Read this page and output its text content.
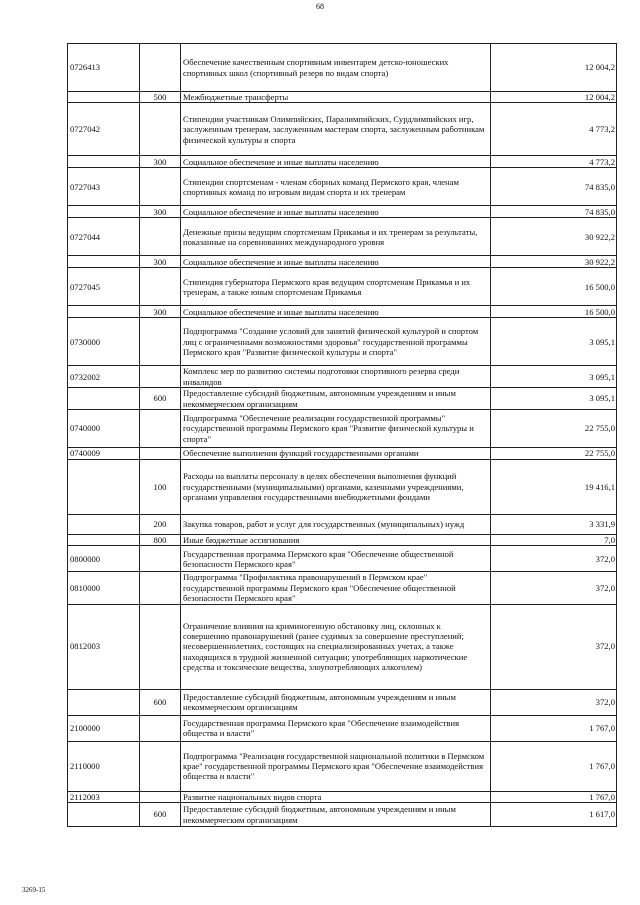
68
0726413		Обеспечение качественным спортивным инвентарем детско-юношеских спортивных школ (спортивный резерв по видам спорта)	12 004,2
	500	Межбюджетные трансферты	12 004,2
0727042		Стипендии участникам Олимпийских, Паралимпийских, Сурдлимпийских игр, заслуженным тренерам, заслуженным мастерам спорта, заслуженным работникам физической культуры и спорта	4 773,2
	300	Социальное обеспечение и иные выплаты населению	4 773,2
0727043		Стипендии спортсменам - членам сборных команд Пермского края, членам спортивных команд по игровым видам спорта и их тренерам	74 835,0
	300	Социальное обеспечение и иные выплаты населению	74 835,0
0727044		Денежные призы ведущим спортсменам Прикамья и их тренерам за результаты, показанные на соревнованиях международного уровня	30 922,2
	300	Социальное обеспечение и иные выплаты населению	30 922,2
0727045		Стипендия губернатора Пермского края ведущим спортсменам Прикамья и их тренерам, а также юным спортсменам Прикамья	16 500,0
	300	Социальное обеспечение и иные выплаты населению	16 500,0
0730000		Подпрограмма "Создание условий для занятий физической культурой и спортом лиц с ограниченными возможностями здоровья" государственной программы Пермского края "Развитие физической культуры и спорта"	3 095,1
0732002		Комплекс мер по развитию системы подготовки спортивного резерва среди инвалидов	3 095,1
	600	Предоставление субсидий бюджетным, автономным учреждениям и иным некоммерческим организациям	3 095,1
0740000		Подпрограмма "Обеспечение реализации государственной программы" государственной программы Пермского края "Развитие физической культуры и спорта"	22 755,0
0740009		Обеспечение выполнения функций государственными органами	22 755,0
	100	Расходы на выплаты персоналу в целях обеспечения выполнения функций государственными (муниципальными) органами, казенными учреждениями, органами управления государственными внебюджетными фондами	19 416,1
	200	Закупка товаров, работ и услуг для государственных (муниципальных) нужд	3 331,9
	800	Иные бюджетные ассигнования	7,0
0800000		Государственная программа Пермского края "Обеспечение общественной безопасности Пермского края"	372,0
0810000		Подпрограмма "Профилактика правонарушений в Пермском крае" государственной программы Пермского края "Обеспечение общественной безопасности Пермского края"	372,0
0812003		Ограничение влияния на криминогенную обстановку лиц, склонных к совершению правонарушений (ранее судимых за совершение преступлений; несовершеннолетних, состоящих на специализированных учетах, а также находящихся в трудной жизненной ситуации; употребляющих наркотические средства и токсические вещества, злоупотребляющих алкоголем)	372,0
	600	Предоставление субсидий бюджетным, автономным учреждениям и иным некоммерческим организациям	372,0
2100000		Государственная программа Пермского края "Обеспечение взаимодействия общества и власти"	1 767,0
2110000		Подпрограмма "Реализация государственной национальной политики в Пермском крае" государственной программы Пермского края "Обеспечение взаимодействия общества и власти"	1 767,0
2112003		Развитие национальных видов спорта	1 767,0
	600	Предоставление субсидий бюджетным, автономным учреждениям и иным некоммерческим организациям	1 617,0
3269-15
